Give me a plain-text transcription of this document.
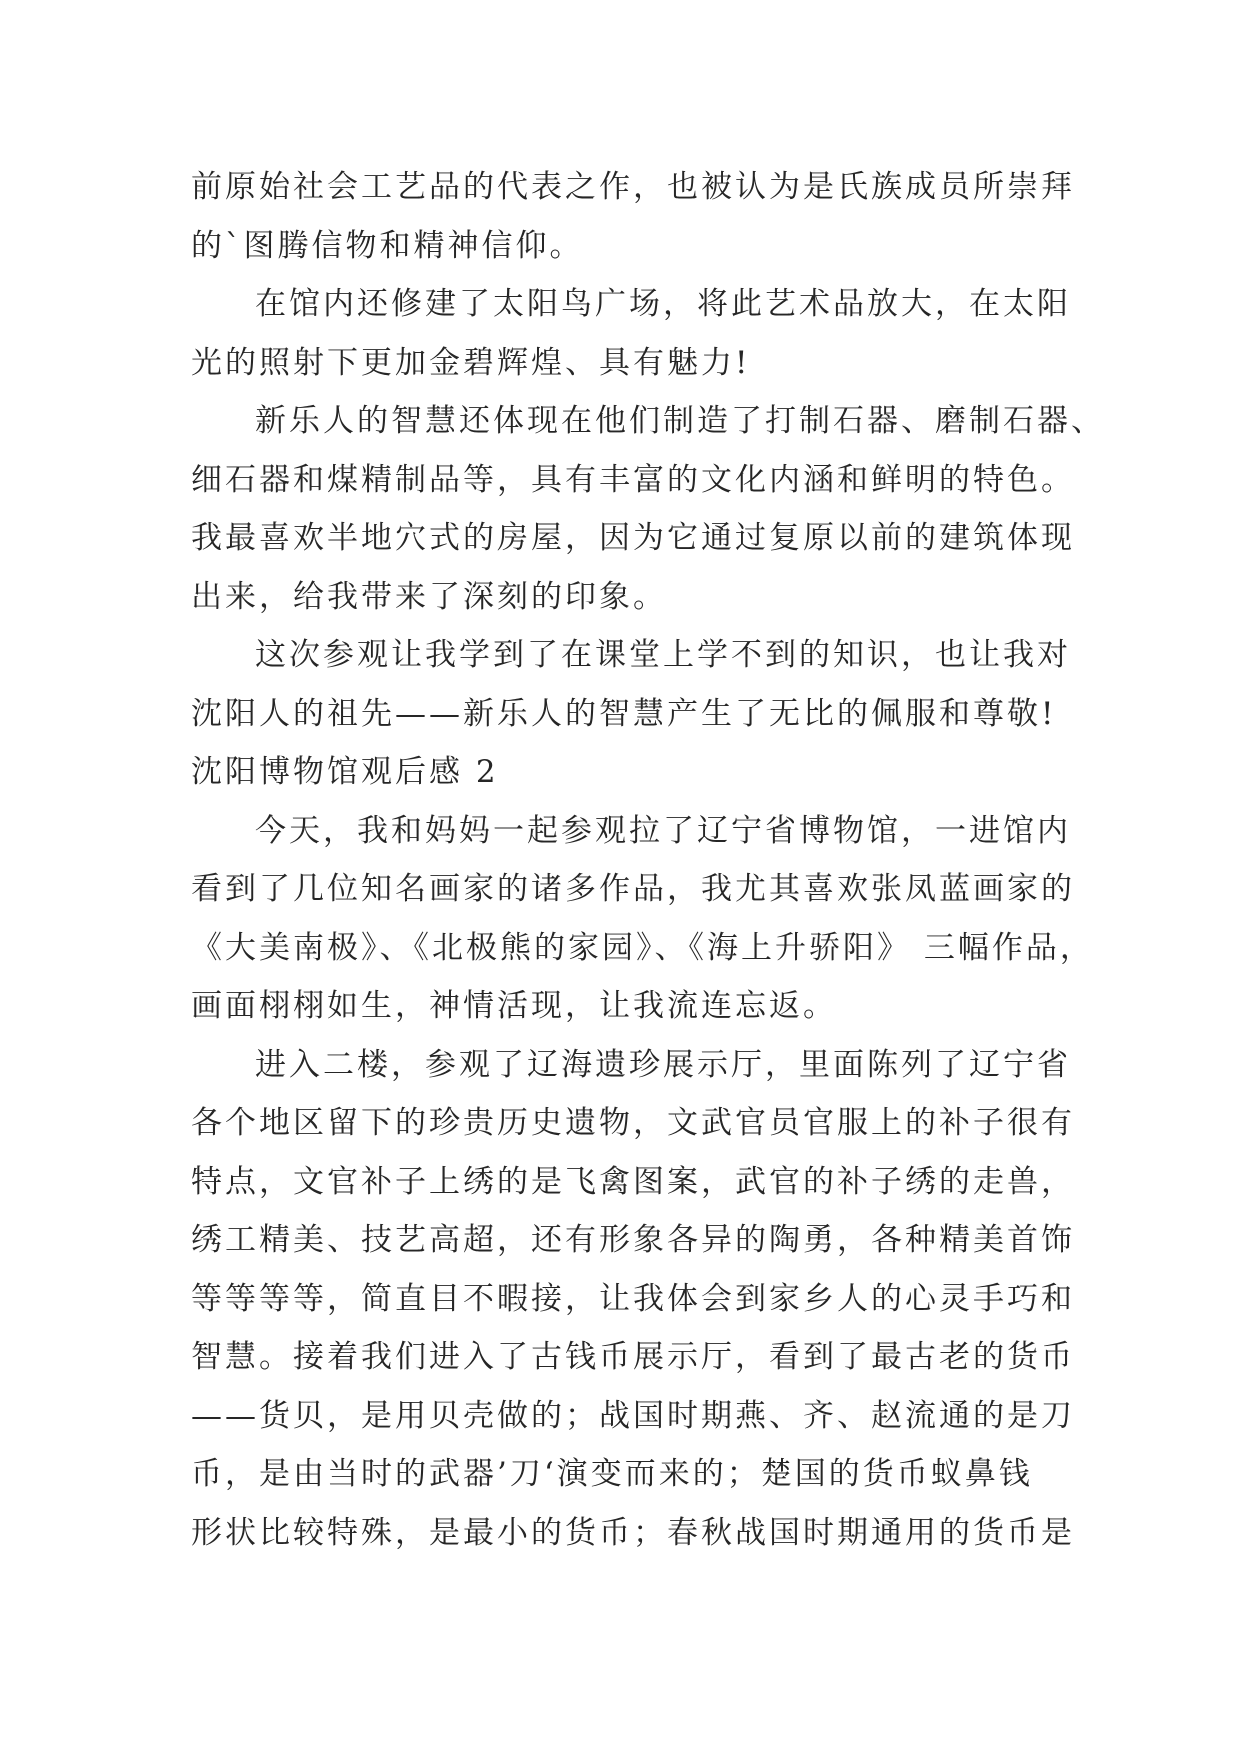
前原始社会工艺品的代表之作，也被认为是氏族成员所崇拜
的`图腾信物和精神信仰。
在馆内还修建了太阳鸟广场，将此艺术品放大，在太阳
光的照射下更加金碧辉煌、具有魅力!
新乐人的智慧还体现在他们制造了打制石器、磨制石器、
细石器和煤精制品等，具有丰富的文化内涵和鲜明的特色。
我最喜欢半地穴式的房屋，因为它通过复原以前的建筑体现
出来，给我带来了深刻的印象。
这次参观让我学到了在课堂上学不到的知识，也让我对
沈阳人的祖先——新乐人的智慧产生了无比的佩服和尊敬!
沈阳博物馆观后感 2
今天，我和妈妈一起参观拉了辽宁省博物馆，一进馆内
看到了几位知名画家的诸多作品，我尤其喜欢张凤蓝画家的
《大美南极》、《北极熊的家园》、《海上升骄阳》 三幅作品，
画面栩栩如生，神情活现，让我流连忘返。
进入二楼，参观了辽海遗珍展示厅，里面陈列了辽宁省
各个地区留下的珍贵历史遗物，文武官员官服上的补子很有
特点，文官补子上绣的是飞禽图案，武官的补子绣的走兽，
绣工精美、技艺高超，还有形象各异的陶勇，各种精美首饰
等等等等，简直目不暇接，让我体会到家乡人的心灵手巧和
智慧。接着我们进入了古钱币展示厅，看到了最古老的货币
——货贝，是用贝壳做的；战国时期燕、齐、赵流通的是刀
币，是由当时的武器’刀‘演变而来的；楚国的货币蚁鼻钱
形状比较特殊，是最小的货币；春秋战国时期通用的货币是
